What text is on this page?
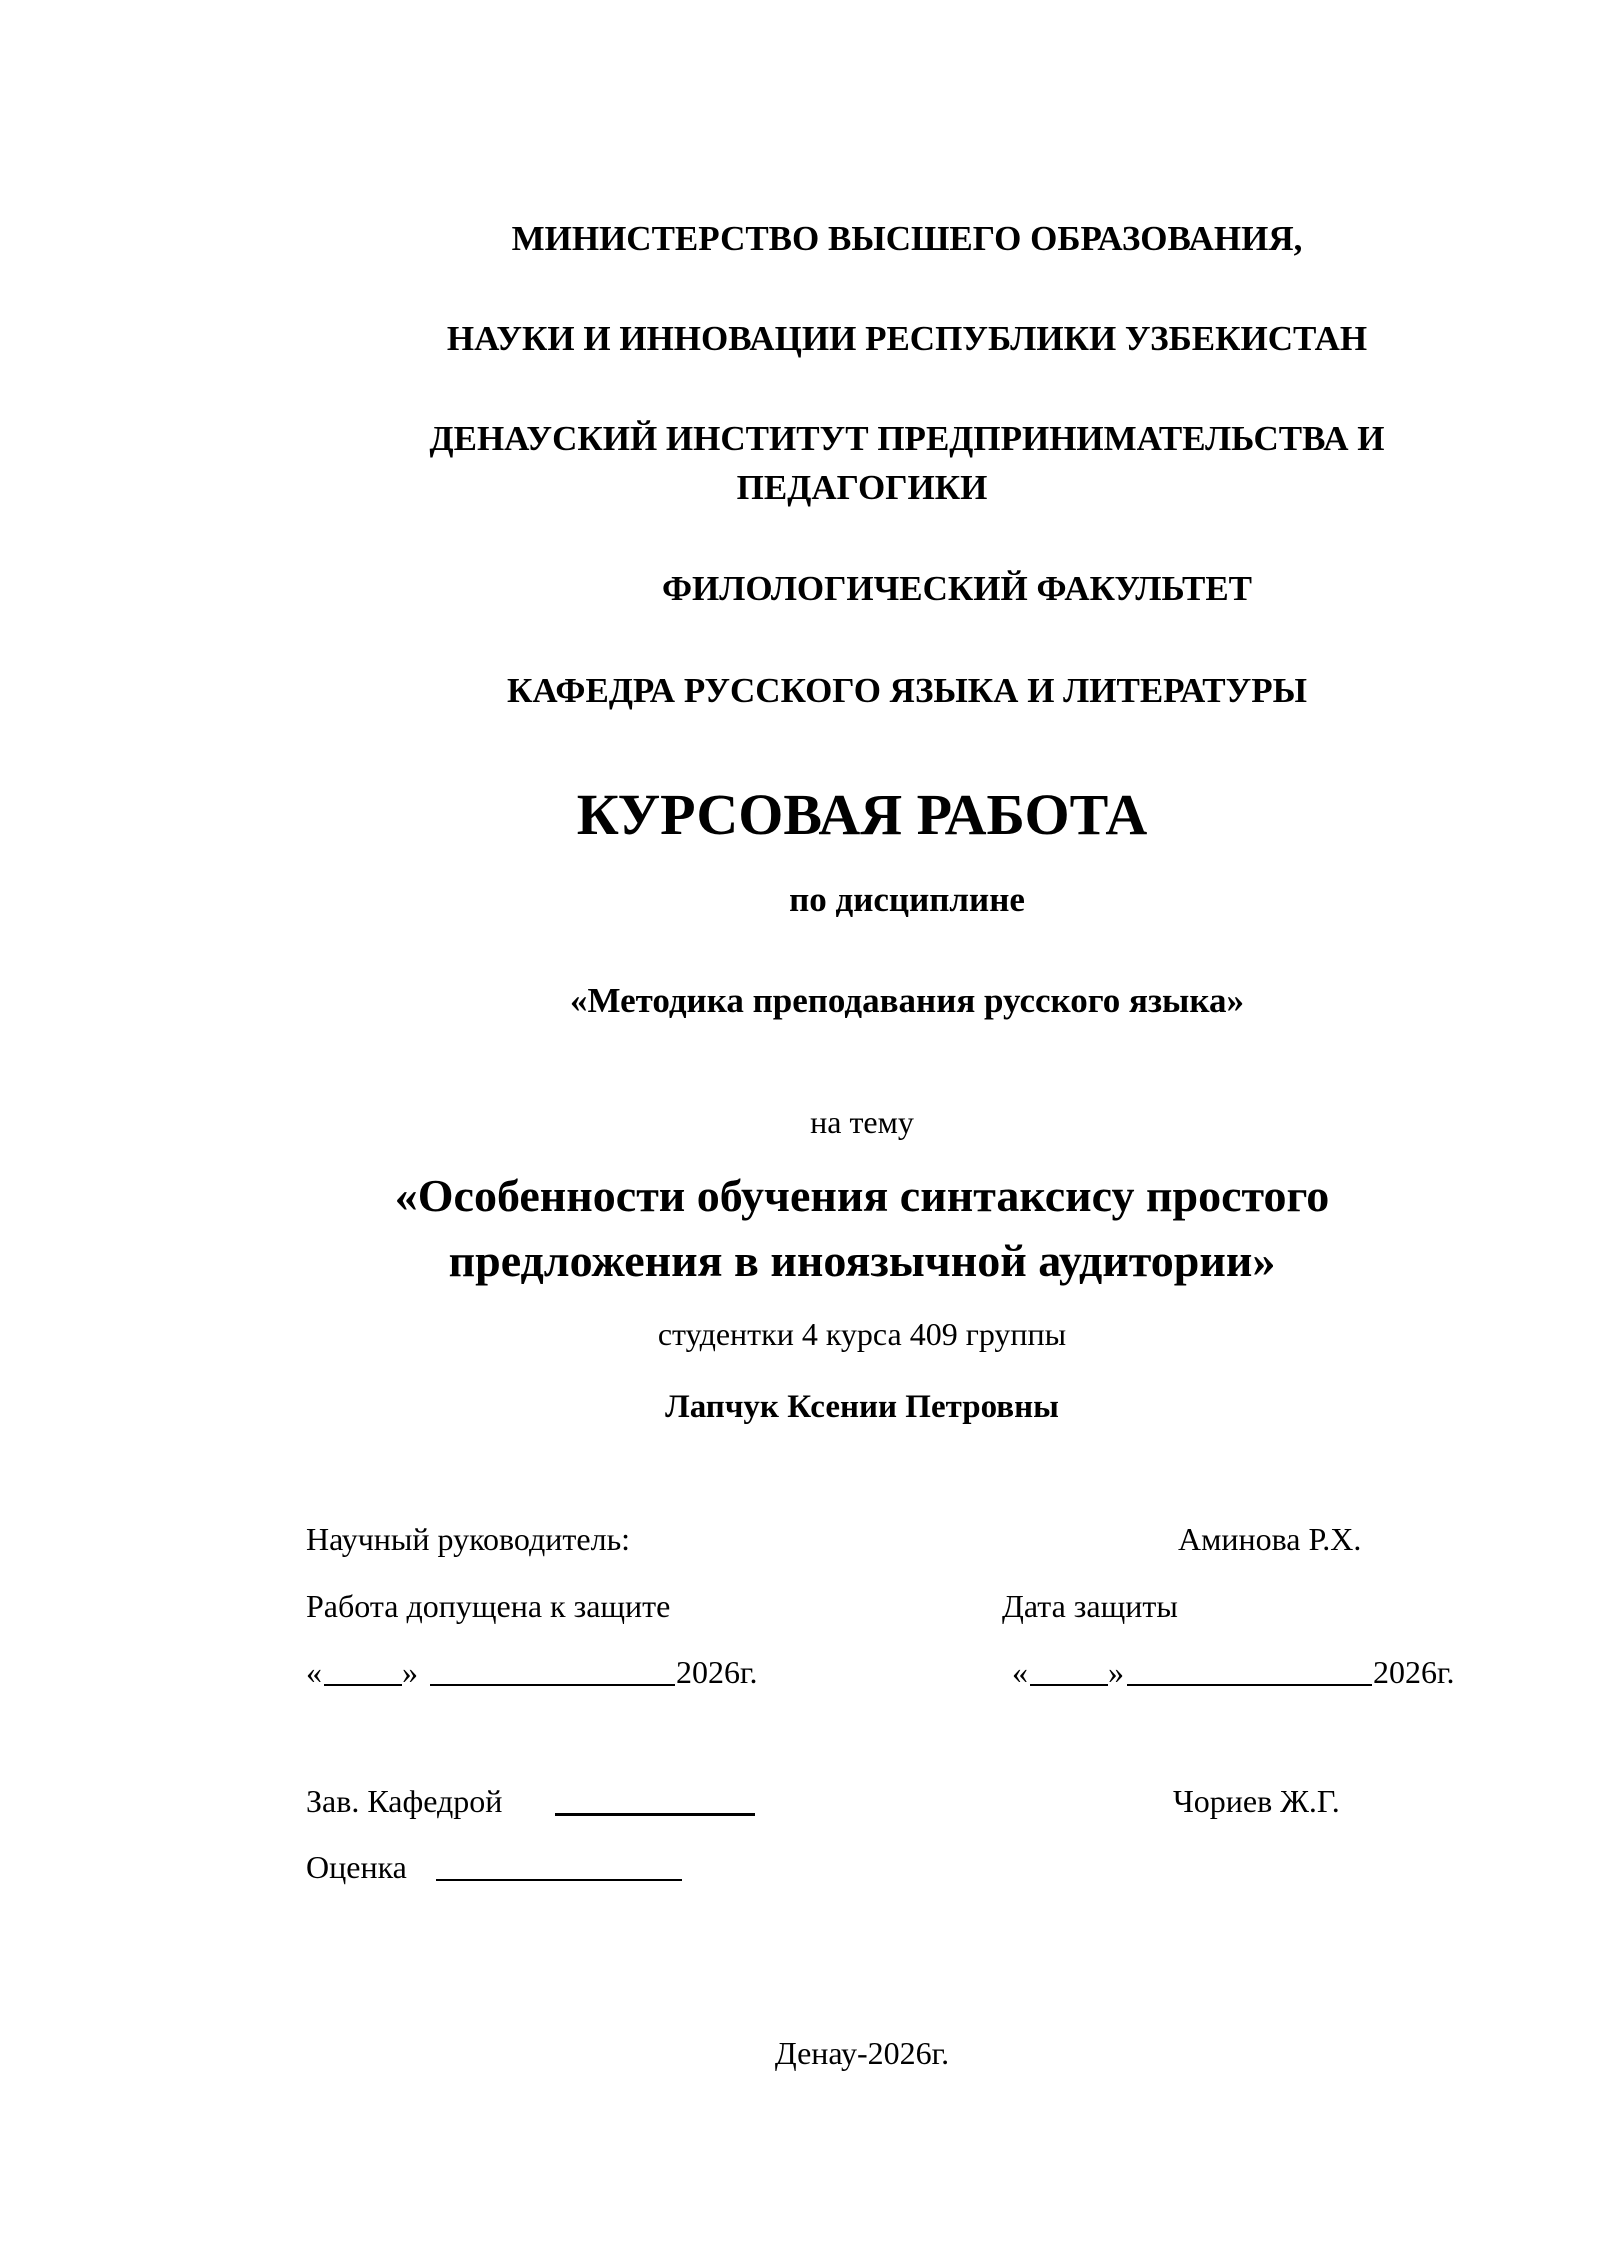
МИНИСТЕРСТВО ВЫСШЕГО ОБРАЗОВАНИЯ,
НАУКИ И ИННОВАЦИИ РЕСПУБЛИКИ УЗБЕКИСТАН
ДЕНАУСКИЙ ИНСТИТУТ ПРЕДПРИНИМАТЕЛЬСТВА И
ПЕДАГОГИКИ
ФИЛОЛОГИЧЕСКИЙ ФАКУЛЬТЕТ
КАФЕДРА РУССКОГО ЯЗЫКА И ЛИТЕРАТУРЫ
КУРСОВАЯ РАБОТА
по дисциплине
«Методика преподавания русского языка»
на тему
«Особенности обучения синтаксису простого
предложения в иноязычной аудитории»
студентки 4 курса 409 группы
Лапчук Ксении Петровны
Научный руководитель:	Аминова Р.Х.
Работа допущена к защите	Дата защиты
«	»	2026г.	«	»	2026г.
Зав. Кафедрой	Чориев Ж.Г.
Оценка
Денау-2026г.
